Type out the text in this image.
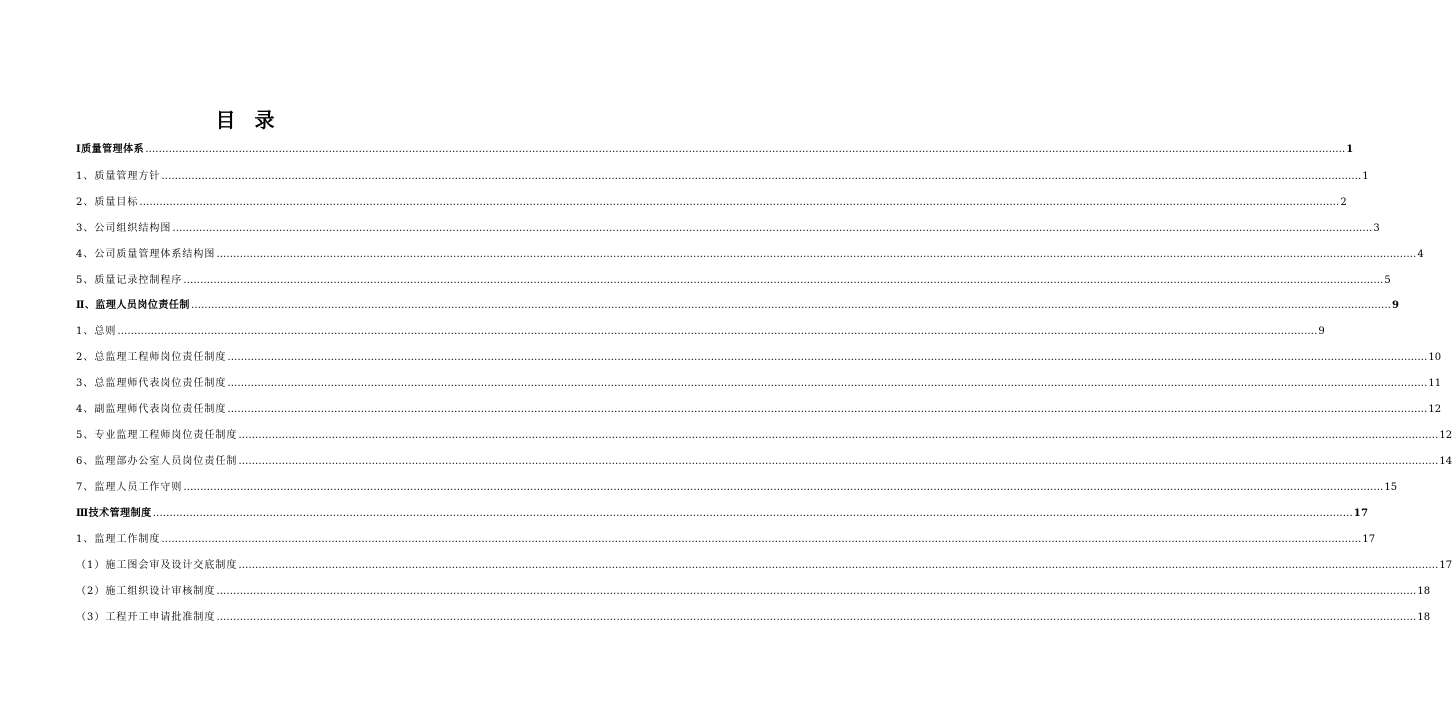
目 录
Ⅰ质量管理体系 ……………………………………………………………………………………………………………………………………………………………………………………………………………………………………………………………………………………………………………………………… 1
1、质量管理方针 ……………………………………………………………………………………………………………………………………………………………………………………………………………………………………………………………………………………………………………………………… 1
2、质量目标 ……………………………………………………………………………………………………………………………………………………………………………………………………………………………………………………………………………………………………………………………… 2
3、公司组织结构图 ……………………………………………………………………………………………………………………………………………………………………………………………………………………………………………………………………………………………………………………………… 3
4、公司质量管理体系结构图 ……………………………………………………………………………………………………………………………………………………………………………………………………………………………………………………………………………………………………………………………… 4
5、质量记录控制程序 ……………………………………………………………………………………………………………………………………………………………………………………………………………………………………………………………………………………………………………………………… 5
Ⅱ、监理人员岗位责任制 ……………………………………………………………………………………………………………………………………………………………………………………………………………………………………………………………………………………………………………………………… 9
1、总则 ……………………………………………………………………………………………………………………………………………………………………………………………………………………………………………………………………………………………………………………………… 9
2、总监理工程师岗位责任制度 ……………………………………………………………………………………………………………………………………………………………………………………………………………………………………………………………………………………………………………………………… 10
3、总监理师代表岗位责任制度 ……………………………………………………………………………………………………………………………………………………………………………………………………………………………………………………………………………………………………………………………… 11
4、副监理师代表岗位责任制度 ……………………………………………………………………………………………………………………………………………………………………………………………………………………………………………………………………………………………………………………………… 12
5、专业监理工程师岗位责任制度 ……………………………………………………………………………………………………………………………………………………………………………………………………………………………………………………………………………………………………………………………… 12
6、监理部办公室人员岗位责任制 ……………………………………………………………………………………………………………………………………………………………………………………………………………………………………………………………………………………………………………………………… 14
7、监理人员工作守则 ……………………………………………………………………………………………………………………………………………………………………………………………………………………………………………………………………………………………………………………………… 15
Ⅲ技术管理制度 ……………………………………………………………………………………………………………………………………………………………………………………………………………………………………………………………………………………………………………………………… 17
1、监理工作制度 ……………………………………………………………………………………………………………………………………………………………………………………………………………………………………………………………………………………………………………………………… 17
（1）施工图会审及设计交底制度 ……………………………………………………………………………………………………………………………………………………………………………………………………………………………………………………………………………………………………………………………… 17
（2）施工组织设计审核制度 ……………………………………………………………………………………………………………………………………………………………………………………………………………………………………………………………………………………………………………………………… 18
（3）工程开工申请批准制度 ……………………………………………………………………………………………………………………………………………………………………………………………………………………………………………………………………………………………………………………………… 18
